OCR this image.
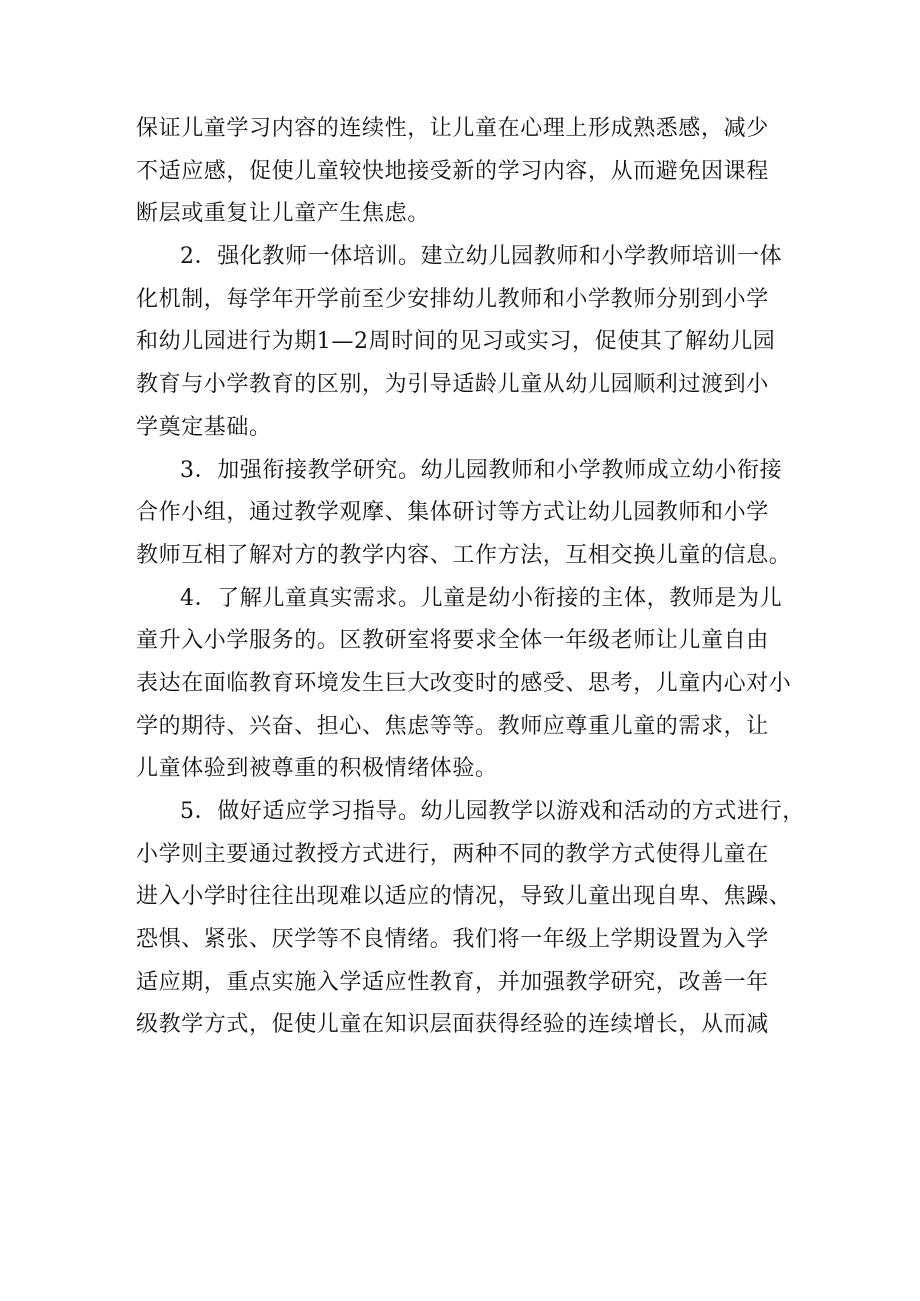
保证儿童学习内容的连续性，让儿童在心理上形成熟悉感，减少
不适应感，促使儿童较快地接受新的学习内容，从而避免因课程
断层或重复让儿童产生焦虑。
2．强化教师一体培训。建立幼儿园教师和小学教师培训一体
化机制，每学年开学前至少安排幼儿教师和小学教师分别到小学
和幼儿园进行为期1—2周时间的见习或实习，促使其了解幼儿园
教育与小学教育的区别，为引导适龄儿童从幼儿园顺利过渡到小
学奠定基础。
3．加强衔接教学研究。幼儿园教师和小学教师成立幼小衔接
合作小组，通过教学观摩、集体研讨等方式让幼儿园教师和小学
教师互相了解对方的教学内容、工作方法，互相交换儿童的信息。
4．了解儿童真实需求。儿童是幼小衔接的主体，教师是为儿
童升入小学服务的。区教研室将要求全体一年级老师让儿童自由
表达在面临教育环境发生巨大改变时的感受、思考，儿童内心对小
学的期待、兴奋、担心、焦虑等等。教师应尊重儿童的需求，让
儿童体验到被尊重的积极情绪体验。
5．做好适应学习指导。幼儿园教学以游戏和活动的方式进行，
小学则主要通过教授方式进行，两种不同的教学方式使得儿童在
进入小学时往往出现难以适应的情况，导致儿童出现自卑、焦躁、
恐惧、紧张、厌学等不良情绪。我们将一年级上学期设置为入学
适应期，重点实施入学适应性教育，并加强教学研究，改善一年
级教学方式，促使儿童在知识层面获得经验的连续增长，从而减
